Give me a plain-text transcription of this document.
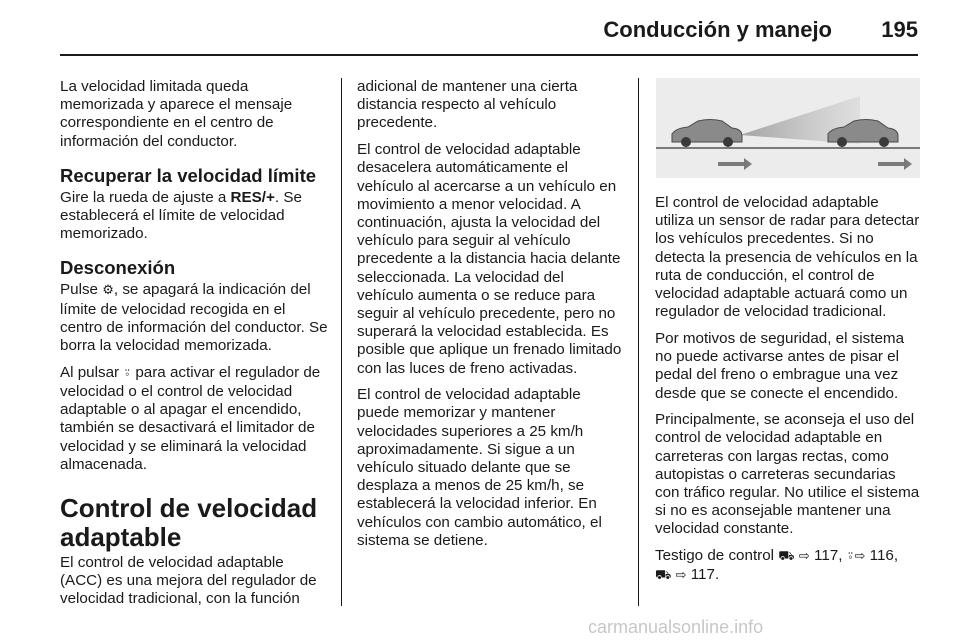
Conducción y manejo 195

La velocidad limitada queda memorizada y aparece el mensaje correspondiente en el centro de información del conductor.

Recuperar la velocidad límite

Gire la rueda de ajuste a RES/+. Se establecerá el límite de velocidad memorizado.

Desconexión

Pulse ⚙, se apagará la indicación del límite de velocidad recogida en el centro de información del conductor. Se borra la velocidad memorizada.

Al pulsar ⍤ para activar el regulador de velocidad o el control de velocidad adaptable o al apagar el encendido, también se desactivará el limitador de velocidad y se eliminará la velocidad almacenada.

Control de velocidad adaptable

El control de velocidad adaptable (ACC) es una mejora del regulador de velocidad tradicional, con la función

adicional de mantener una cierta distancia respecto al vehículo precedente.

El control de velocidad adaptable desacelera automáticamente el vehículo al acercarse a un vehículo en movimiento a menor velocidad. A continuación, ajusta la velocidad del vehículo para seguir al vehículo precedente a la distancia hacia delante seleccionada. La velocidad del vehículo aumenta o se reduce para seguir al vehículo precedente, pero no superará la velocidad establecida. Es posible que aplique un frenado limitado con las luces de freno activadas.

El control de velocidad adaptable puede memorizar y mantener velocidades superiores a 25 km/h aproximadamente. Si sigue a un vehículo situado delante que se desplaza a menos de 25 km/h, se establecerá la velocidad inferior. En vehículos con cambio automático, el sistema se detiene.

El control de velocidad adaptable utiliza un sensor de radar para detectar los vehículos precedentes. Si no detecta la presencia de vehículos en la ruta de conducción, el control de velocidad adaptable actuará como un regulador de velocidad tradicional.

Por motivos de seguridad, el sistema no puede activarse antes de pisar el pedal del freno o embrague una vez desde que se conecte el encendido.

Principalmente, se aconseja el uso del control de velocidad adaptable en carreteras con largas rectas, como autopistas o carreteras secundarias con tráfico regular. No utilice el sistema si no es aconsejable mantener una velocidad constante.

Testigo de control ⛟ ⇨ 117, ⍤⇨ 116,
⛟ ⇨ 117.

carmanualsonline.info
